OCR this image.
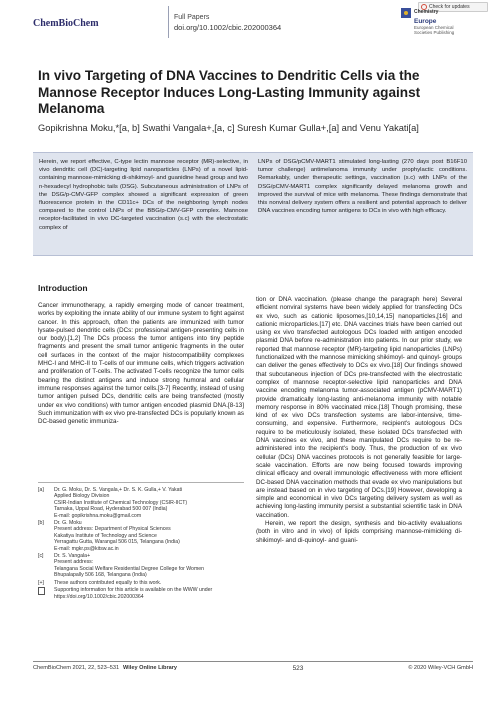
ChemBioChem
Full Papers
doi.org/10.1002/cbic.202000364
Check for updates
Chemistry
Europe
European Chemical
Societies Publishing
In vivo Targeting of DNA Vaccines to Dendritic Cells via the Mannose Receptor Induces Long-Lasting Immunity against Melanoma
Gopikrishna Moku,*[a, b] Swathi Vangala+,[a, c] Suresh Kumar Gulla+,[a] and Venu Yakati[a]

Herein, we report effective, C-type lectin mannose receptor (MR)-selective, in vivo dendritic cell (DC)-targeting lipid nanoparticles (LNPs) of a novel lipid-containing mannose-mimicking di-shikimoyl- and guanidine head group and two n-hexadecyl hydrophobic tails (DSG). Subcutaneous administration of LNPs of the DSG/p-CMV-GFP complex showed a significant expression of green fluorescence protein in the CD11c+ DCs of the neighboring lymph nodes compared to the control LNPs of the BBG/p-CMV-GFP complex. Mannose receptor-facilitated in vivo DC-targeted vaccination (s.c) with the electrostatic complex of

LNPs of DSG/pCMV-MART1 stimulated long-lasting (270 days post B16F10 tumor challenge) antimelanoma immunity under prophylactic conditions. Remarkably, under therapeutic settings, vaccination (s.c) with LNPs of the DSG/pCMV-MART1 complex significantly delayed melanoma growth and improved the survival of mice with melanoma. These findings demonstrate that this nonviral delivery system offers a resilient and potential approach to deliver DNA vaccines encoding tumor antigens to DCs in vivo with high efficacy.

Introduction

Cancer immunotherapy, a rapidly emerging mode of cancer treatment, works by exploiting the innate ability of our immune system to fight against cancer. In this approach, often the patients are immunized with tumor lysate-pulsed dendritic cells (DCs: professional antigen-presenting cells in our body).[1,2] The DCs process the tumor antigens into tiny peptide fragments and present the small tumor antigenic fragments in the outer cell surfaces in the context of the major histocompatibility complexes MHC-I and MHC-II to T-cells of our immune cells, which triggers activation and proliferation of T-cells. The activated T-cells recognize the tumor cells bearing the distinct antigens and induce strong humoral and cellular immune responses against the tumor cells.[3-7] Recently, instead of using tumor antigen pulsed DCs, dendritic cells are being transfected (mostly under ex vivo conditions) with tumor antigen encoded plasmid DNA.[8-13] Such immunization with ex vivo pre-transfected DCs is popularly known as DC-based genetic immuniza-

tion or DNA vaccination. (please change the paragraph here) Several efficient nonviral systems have been widely applied for transfecting DCs ex vivo, such as cationic liposomes,[10,14,15] nanoparticles,[16] and cationic microparticles.[17] etc. DNA vaccines trials have been carried out using ex vivo transfected autologous DCs loaded with antigen encoded plasmid DNA before re-administration into patients. In our prior study, we reported that mannose receptor (MR)-targeting lipid nanoparticles (LNPs) functionalized with the mannose mimicking shikimoyl- and quinoyl- groups can deliver the genes effectively to DCs ex vivo.[18] Our findings showed that subcutaneous injection of DCs pre-transfected with the electrostatic complex of mannose receptor-selective lipid nanoparticles and DNA vaccine encoding melanoma tumor-associated antigen (pCMV-MART1) provide dramatically long-lasting anti-melanoma immunity with notable memory response in 80% vaccinated mice.[18] Though promising, these kind of ex vivo DCs transfection systems are labor-intensive, time-consuming, and expensive. Furthermore, recipient's autologous DCs require to be meticulously isolated, these isolated DCs transfected with DNA vaccines ex vivo, and these manipulated DCs require to be re-administered into the recipient's body. Thus, the production of ex vivo cellular (DCs) DNA vaccines protocols is not generally feasible for large-scale vaccination. Efforts are now being focused towards improving clinical efficacy and overall immunologic effectiveness with more efficient DC-based DNA vaccination methods that evade ex vivo manipulations but are instead based on in vivo targeting of DCs.[19] However, developing a simple and economical in vivo DCs targeting delivery system as well as achieving long-lasting immunity persist a substantial scientific task in DNA vaccination.

Herein, we report the design, synthesis and bio-activity evaluations (both in vitro and in vivo) of lipids comprising mannose-mimicking di-shikimoyl- and di-quinoyl- and guani-

[a]	Dr. G. Moku, Dr. S. Vangala,+ Dr. S. K. Gulla,+ V. Yakati
Applied Biology Division
CSIR-Indian Institute of Chemical Technology (CSIR-IICT)
Tarnaka, Uppal Road, Hyderabad 500 007 (India)
E-mail: gopikrishna.moku@gmail.com
[b]	Dr. G. Moku
Present address: Department of Physical Sciences
Kakatiya Institute of Technology and Science
Yerragattu Gutta, Warangal 506 015, Telangana (India)
E-mail: mgkr.ps@kitsw.ac.in
[c]	Dr. S. Vangala+
Present address:
Telangana Social Welfare Residential Degree College for Women
Bhupalapally 506 168, Telangana (India)
[+]	These authors contributed equally to this work.
Supporting information for this article is available on the WWW under https://doi.org/10.1002/cbic.202000364
ChemBioChem 2021, 22, 523–531 Wiley Online Library	523	© 2020 Wiley-VCH GmbH
